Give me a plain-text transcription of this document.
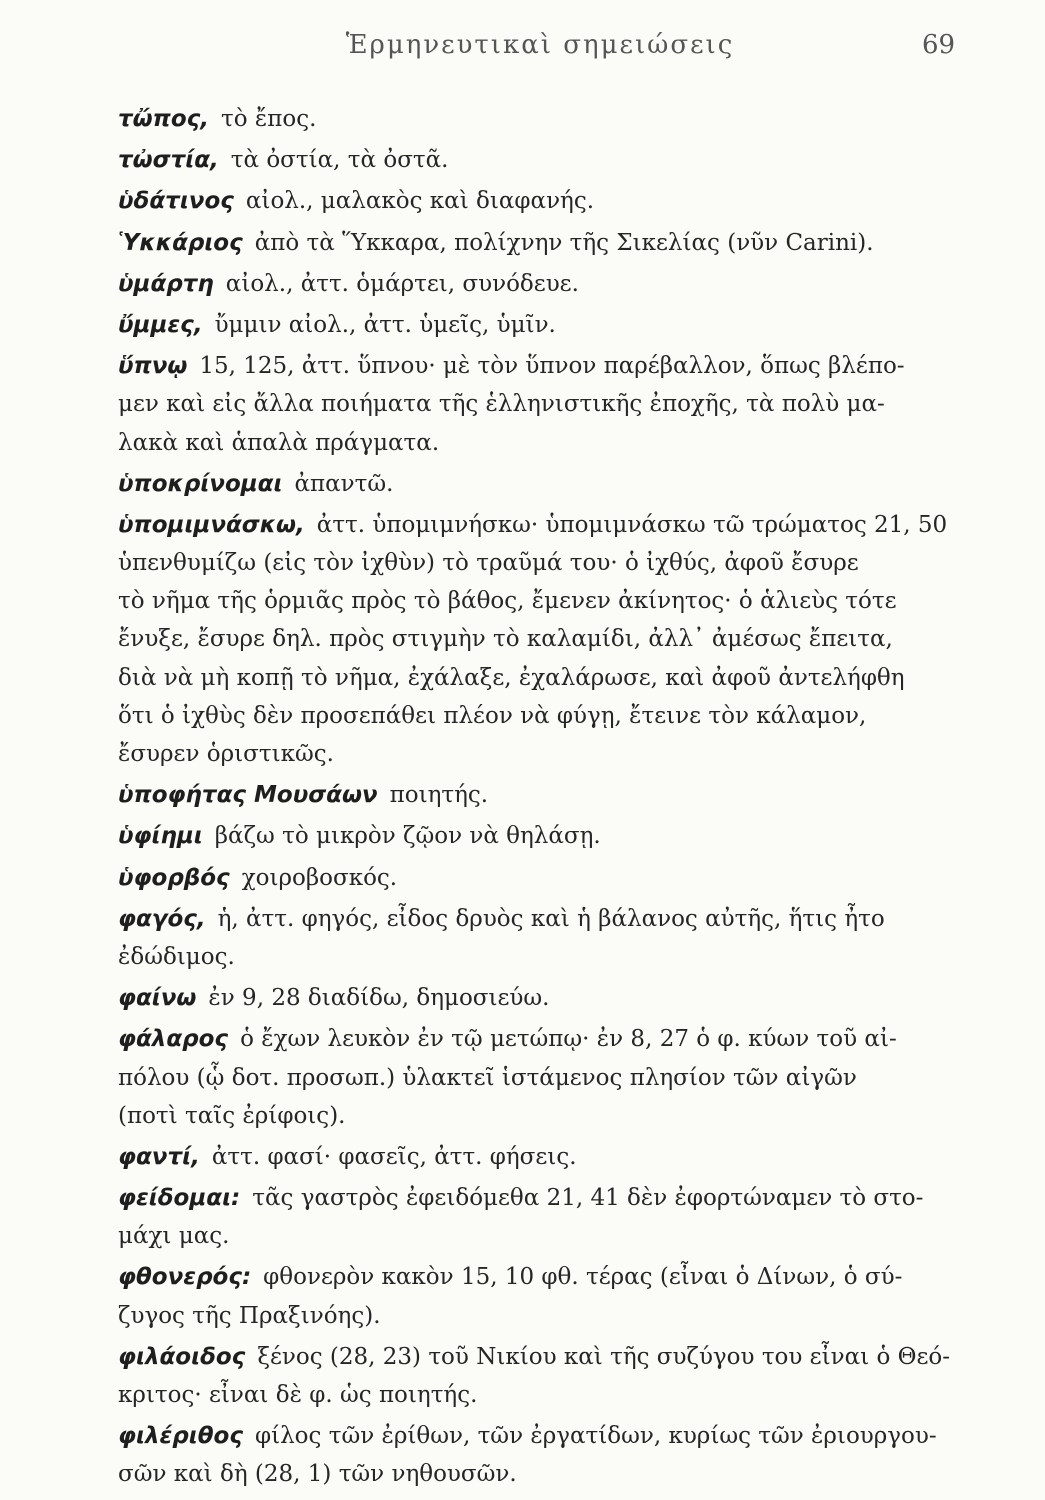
Ἑρμηνευτικαὶ σημειώσεις	69
τὤπος, τὸ ἔπος.
τὠστία, τὰ ὀστία, τὰ ὀστᾶ.
ὑδάτινος αἰολ., μαλακὸς καὶ διαφανής.
Ὑκκάριος ἀπὸ τὰ Ὕκκαρα, πολίχνην τῆς Σικελίας (νῦν Carini).
ὑμάρτη αἰολ., ἀττ. ὁμάρτει, συνόδευε.
ὔμμες, ὔμμιν αἰολ., ἀττ. ὑμεῖς, ὑμῖν.
ὕπνῳ 15, 125, ἀττ. ὕπνου· μὲ τὸν ὕπνον παρέβαλλον, ὅπως βλέπο-
μεν καὶ εἰς ἄλλα ποιήματα τῆς ἑλληνιστικῆς ἐποχῆς, τὰ πολὺ μα-
λακὰ καὶ ἁπαλὰ πράγματα.
ὑποκρίνομαι ἀπαντῶ.
ὑπομιμνάσκω, ἀττ. ὑπομιμνήσκω· ὑπομιμνάσκω τῶ τρώματος 21, 50
ὑπενθυμίζω (εἰς τὸν ἰχθὺν) τὸ τραῦμά του· ὁ ἰχθύς, ἀφοῦ ἔσυρε
τὸ νῆμα τῆς ὁρμιᾶς πρὸς τὸ βάθος, ἔμενεν ἀκίνητος· ὁ ἁλιεὺς τότε
ἔνυξε, ἔσυρε δηλ. πρὸς στιγμὴν τὸ καλαμίδι, ἀλλ᾽ ἀμέσως ἔπειτα,
διὰ νὰ μὴ κοπῇ τὸ νῆμα, ἐχάλαξε, ἐχαλάρωσε, καὶ ἀφοῦ ἀντελήφθη
ὅτι ὁ ἰχθὺς δὲν προσεπάθει πλέον νὰ φύγῃ, ἔτεινε τὸν κάλαμον,
ἔσυρεν ὁριστικῶς.
ὑποφήτας Μουσάων ποιητής.
ὑφίημι βάζω τὸ μικρὸν ζῷον νὰ θηλάσῃ.
ὑφορβός χοιροβοσκός.
φαγός, ἡ, ἀττ. φηγός, εἶδος δρυὸς καὶ ἡ βάλανος αὐτῆς, ἥτις ἦτο
ἐδώδιμος.
φαίνω ἐν 9, 28 διαδίδω, δημοσιεύω.
φάλαρος ὁ ἔχων λευκὸν ἐν τῷ μετώπῳ· ἐν 8, 27 ὁ φ. κύων τοῦ αἰ-
πόλου (ᾧ δοτ. προσωπ.) ὑλακτεῖ ἱστάμενος πλησίον τῶν αἰγῶν
(ποτὶ ταῖς ἐρίφοις).
φαντί, ἀττ. φασί· φασεῖς, ἀττ. φήσεις.
φείδομαι: τᾶς γαστρὸς ἐφειδόμεθα 21, 41 δὲν ἐφορτώναμεν τὸ στο-
μάχι μας.
φθονερός: φθονερὸν κακὸν 15, 10 φθ. τέρας (εἶναι ὁ Δίνων, ὁ σύ-
ζυγος τῆς Πραξινόης).
φιλάοιδος ξένος (28, 23) τοῦ Νικίου καὶ τῆς συζύγου του εἶναι ὁ Θεό-
κριτος· εἶναι δὲ φ. ὡς ποιητής.
φιλέριθος φίλος τῶν ἐρίθων, τῶν ἐργατίδων, κυρίως τῶν ἐριουργου-
σῶν καὶ δὴ (28, 1) τῶν νηθουσῶν.
